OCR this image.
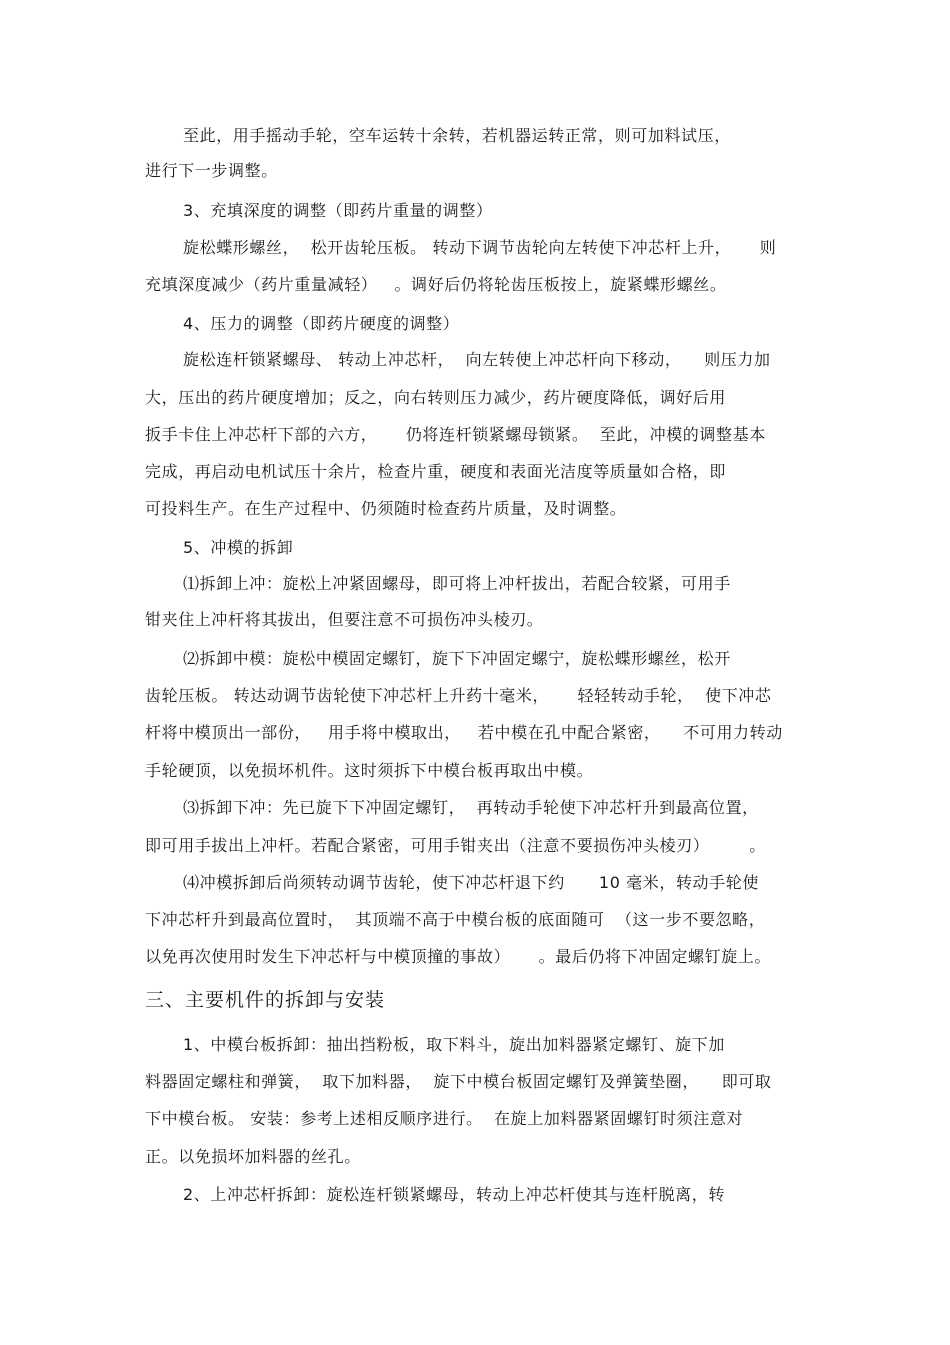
至此，用手摇动手轮，空车运转十余转，若机器运转正常，则可加料试压，
进行下一步调整。
3、充填深度的调整（即药片重量的调整）
旋松蝶形螺丝，  松开齿轮压板。 转动下调节齿轮向左转使下冲芯杆上升，     则
充填深度减少（药片重量减轻）   。调好后仍将轮齿压板按上，旋紧蝶形螺丝。
4、压力的调整（即药片硬度的调整）
旋松连杆锁紧螺母、 转动上冲芯杆，  向左转使上冲芯杆向下移动，    则压力加
大，压出的药片硬度增加；反之，向右转则压力减少，药片硬度降低，调好后用
扳手卡住上冲芯杆下部的六方，     仍将连杆锁紧螺母锁紧。  至此，冲模的调整基本
完成，再启动电机试压十余片，检查片重，硬度和表面光洁度等质量如合格，即
可投料生产。在生产过程中、仍须随时检查药片质量，及时调整。
5、冲模的拆卸
⑴拆卸上冲：旋松上冲紧固螺母，即可将上冲杆拔出，若配合较紧，可用手
钳夹住上冲杆将其拔出，但要注意不可损伤冲头棱刃。
⑵拆卸中模：旋松中模固定螺钉，旋下下冲固定螺宁，旋松蝶形螺丝，松开
齿轮压板。 转达动调节齿轮使下冲芯杆上升药十毫米，     轻轻转动手轮，  使下冲芯
杆将中模顶出一部份，   用手将中模取出，   若中模在孔中配合紧密，    不可用力转动
手轮硬顶，以免损坏机件。这时须拆下中模台板再取出中模。
⑶拆卸下冲：先已旋下下冲固定螺钉，  再转动手轮使下冲芯杆升到最高位置，
即可用手拔出上冲杆。若配合紧密，可用手钳夹出（注意不要损伤冲头棱刃）       。
⑷冲模拆卸后尚须转动调节齿轮，使下冲芯杆退下约      10 毫米，转动手轮使
下冲芯杆升到最高位置时，  其顶端不高于中模台板的底面随可  （这一步不要忽略，
以免再次使用时发生下冲芯杆与中模顶撞的事故）     。最后仍将下冲固定螺钉旋上。
三、主要机件的拆卸与安装
1、中模台板拆卸：抽出挡粉板，取下料斗，旋出加料器紧定螺钉、旋下加
料器固定螺柱和弹簧，  取下加料器，  旋下中模台板固定螺钉及弹簧垫圈，    即可取
下中模台板。 安装：参考上述相反顺序进行。  在旋上加料器紧固螺钉时须注意对
正。以免损坏加料器的丝孔。
2、上冲芯杆拆卸：旋松连杆锁紧螺母，转动上冲芯杆使其与连杆脱离，转
